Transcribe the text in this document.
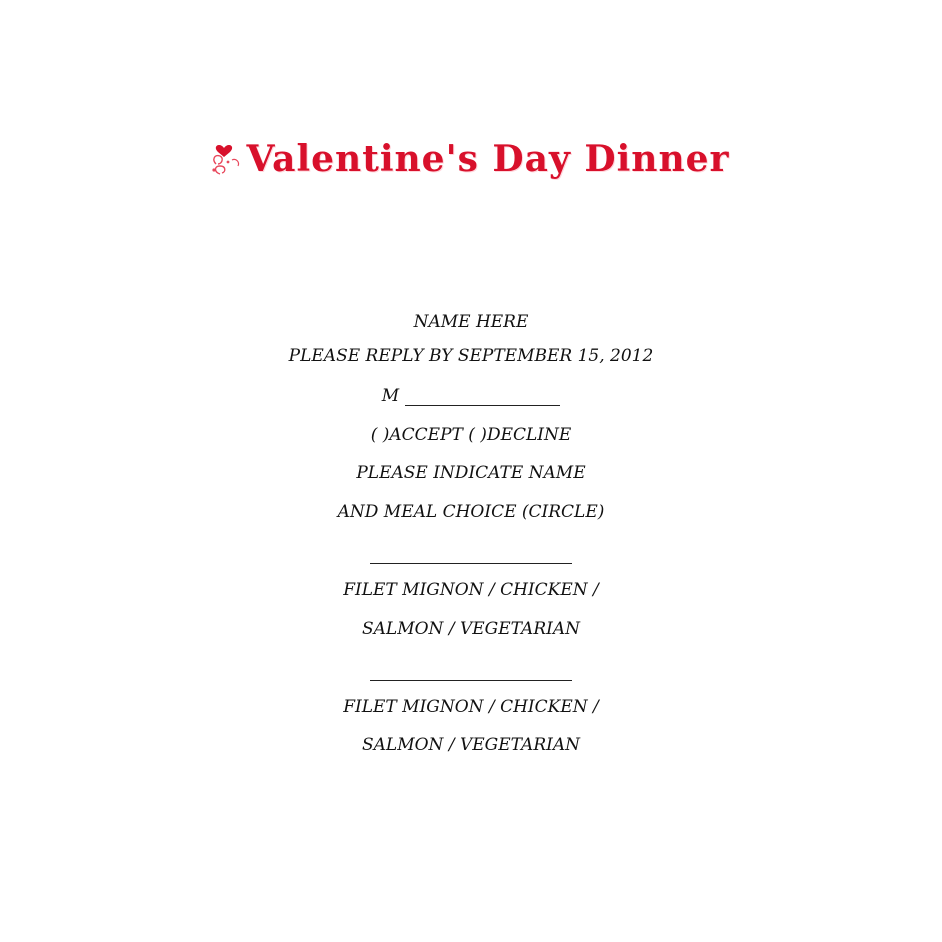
Valentine's Day Dinner
NAME HERE
PLEASE REPLY BY SEPTEMBER 15, 2012
M
( )ACCEPT ( )DECLINE
PLEASE INDICATE NAME
AND MEAL CHOICE (CIRCLE)
FILET MIGNON / CHICKEN /
SALMON / VEGETARIAN
FILET MIGNON / CHICKEN /
SALMON / VEGETARIAN
